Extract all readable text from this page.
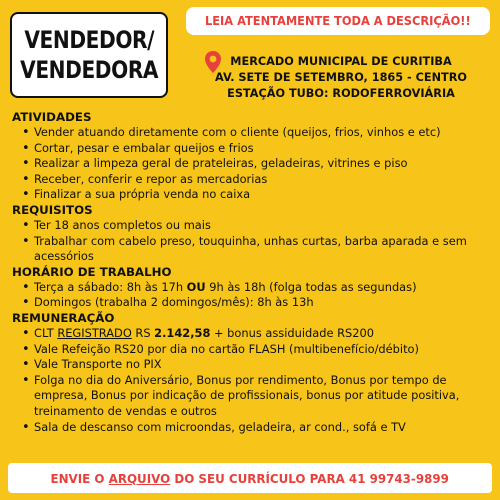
VENDEDOR/
VENDEDORA
LEIA ATENTAMENTE TODA A DESCRIÇÃO!!
MERCADO MUNICIPAL DE CURITIBA
AV. SETE DE SETEMBRO, 1865 - CENTRO
ESTAÇÃO TUBO: RODOFERROVIÁRIA
ATIVIDADES
• Vender atuando diretamente com o cliente (queijos, frios, vinhos e etc)
• Cortar, pesar e embalar queijos e frios
• Realizar a limpeza geral de prateleiras, geladeiras, vitrines e piso
• Receber, conferir e repor as mercadorias
• Finalizar a sua própria venda no caixa
REQUISITOS
• Ter 18 anos completos ou mais
• Trabalhar com cabelo preso, touquinha, unhas curtas, barba aparada e sem acessórios
HORÁRIO DE TRABALHO
• Terça a sábado: 8h às 17h OU 9h às 18h (folga todas as segundas)
• Domingos (trabalha 2 domingos/mês): 8h às 13h
REMUNERAÇÃO
• CLT REGISTRADO RS 2.142,58 + bonus assiduidade RS200
• Vale Refeição RS20 por dia no cartão FLASH (multibenefício/débito)
• Vale Transporte no PIX
• Folga no dia do Aniversário, Bonus por rendimento, Bonus por tempo de empresa, Bonus por indicação de profissionais, bonus por atitude positiva, treinamento de vendas e outros
• Sala de descanso com microondas, geladeira, ar cond., sofá e TV
ENVIE O ARQUIVO DO SEU CURRÍCULO PARA 41 99743-9899
